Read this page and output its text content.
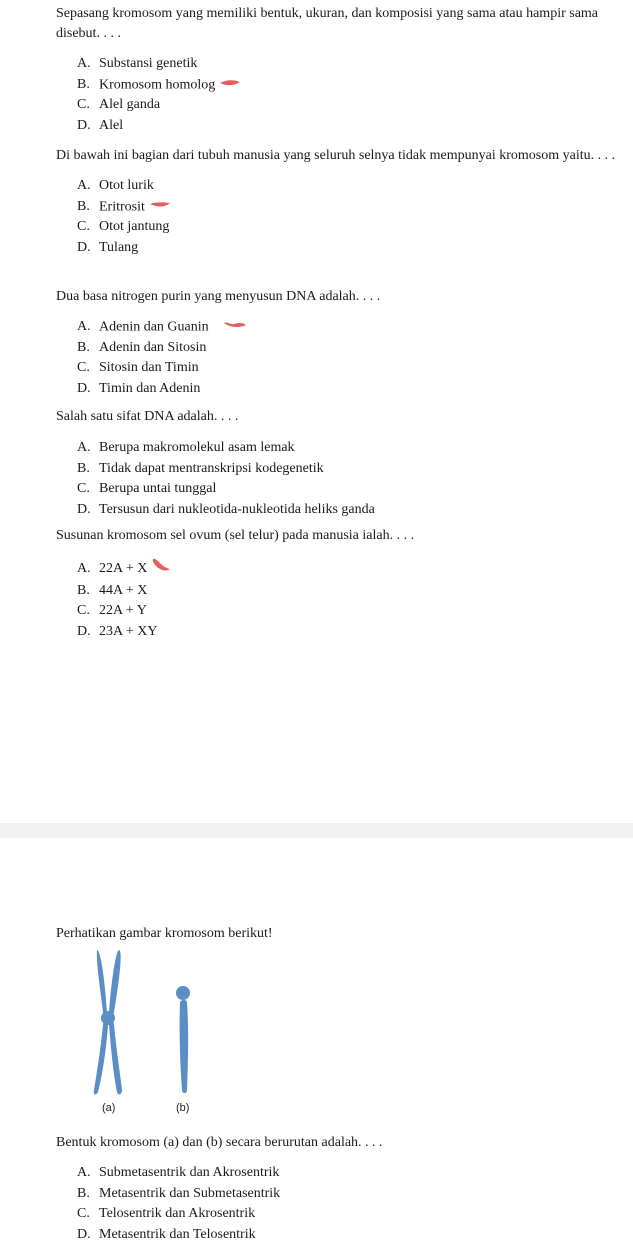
Sepasang kromosom yang memiliki bentuk, ukuran, dan komposisi yang sama atau hampir sama disebut. . . .

A. Substansi genetik
B. Kromosom homolog
C. Alel ganda
D. Alel

Di bawah ini bagian dari tubuh manusia yang seluruh selnya tidak mempunyai kromosom yaitu. . . .

A. Otot lurik
B. Eritrosit
C. Otot jantung
D. Tulang

Dua basa nitrogen purin yang menyusun DNA adalah. . . .

A. Adenin dan Guanin
B. Adenin dan Sitosin
C. Sitosin dan Timin
D. Timin dan Adenin

Salah satu sifat DNA adalah. . . .

A. Berupa makromolekul asam lemak
B. Tidak dapat mentranskripsi kodegenetik
C. Berupa untai tunggal
D. Tersusun dari nukleotida-nukleotida heliks ganda

Susunan kromosom sel ovum (sel telur) pada manusia ialah. . . .

A. 22A + X
B. 44A + X
C. 22A + Y
D. 23A + XY

Perhatikan gambar kromosom berikut!

(a)	(b)

Bentuk kromosom (a) dan (b) secara berurutan adalah. . . .

A. Submetasentrik dan Akrosentrik
B. Metasentrik dan Submetasentrik
C. Telosentrik dan Akrosentrik
D. Metasentrik dan Telosentrik
